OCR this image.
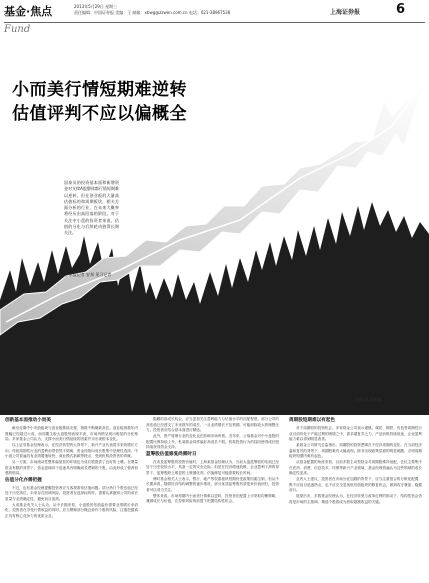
基金·焦点	2013年5月29日 星期三
责任编辑：中国证券报 美编：王 邮箱：xbwg@zzwen.com.cn 电话：021-38967538	上海证券报	6
Fund
小而美行情短期难逆转
估值评判不应以偏概全
国泰员的投资基本面和新增资金对支撑A股整体都行情短期难以逆转。但在创业板的大量高估值标的和周期板块，相关方面分析的行业，在未来大概率将经历由高回落的阶段。对于关注中小盘的投资者来说，估值的分化与后续轮动值得长期关注。
○ 本报记者 安邦 见习记者
资料 图 胡荣敏
创新基本面推动小而美
截至近期中小市值板块与创业板继续走强，指数不断刷新高位。创业板指数年内涨幅已经超过六成，而同期主板大盘股则表现平淡，市场风格呈现出明显的分化格局。多家基金公司认为，支撑小而美行情延续的因素并未出现根本变化。
以上证券基金经理表示，在经济转型的大背景下，新兴产业代表着未来的增长方向，传统周期性行业的盈利前景依然不明朗，资金持续向成长股集中是理性选择。中小创公司普遍具有业绩增速较快、商业模式新颖等特点，受到机构投资者的青睐。
另一方面，市场流动性整体偏宽松的环境也为成长股提供了良好的土壤。在增量资金有限的背景下，资金更倾向于追逐具有明确成长逻辑的个股，由此形成了强者恒强的格局。
估值分化亦需把握
不过，也有基金经理提醒投资者应当客观看待估值问题。部分热门个股估值已经处于历史高位，未来存在回调风险。投资者在选择标的时，需要认真甄别公司的成长质量与业绩确定性，避免盲目追高。
大成基金有关人士认为，从中长期来看，小盘股的估值溢价需要业绩增长来消化，投资者在享受行情收益的同时，应当警惕部分概念炒作个股的风险，注重挖掘真正具有核心竞争力的优质企业。
隐藏的高成长机会，应当更加关注盈利能力与估值水平的匹配程度。部分公司的高估值已经透支了未来数年的成长，一旦业绩增长不及预期，可能面临较大的调整压力。投资者应结合基本面进行精选。
此外，资产管理行业的变化也在影响市场风格。近年来，公募基金对中小盘股的配置比例持续上升，私募基金同样偏好高成长个股。机构投资行为的趋同使得成长股持续获得资金支持。
蓝筹股估值修复尚需时日
在谈及蓝筹股的投资价值时，上海某基金经理认为，当前大盘蓝筹股的估值已经处于历史较低水平，具备一定的安全边际。但是在经济增速放缓、企业盈利下滑的背景下，蓝筹股缺乏明显的上涨催化剂，估值修复可能需要较长时间。
博时基金相关人士表示，银行、地产等权重板块短期仍受政策因素压制，但从中长期来看，随着经济结构调整的逐步推进，部分优质蓝筹股有望迎来价值回归，投资者可以适当关注。
整体来看，市场短期内小而美行情难以逆转，投资者在配置上可采取均衡策略，兼顾成长与价值，在控制风险的前提下把握结构性机会。
周期股短期难以有起色
对于周期股的投资机会，多家基金公司表示谨慎。煤炭、钢铁、有色等周期性行业目前仍处于产能过剩的困境之中，需求端复苏乏力，产品价格持续低迷，企业盈利能力难以得到明显改善。
某基金公司研究总监指出，周期股的投资逻辑在于经济周期的变化，在当前经济温和复苏的背景下，周期股难有大幅表现。除非出现政策层面的明显刺激，否则周期板块短期内难有起色。
从基金配置的角度来看，目前多数主动型基金对周期股维持低配，仓位主要集中在医药、消费、信息技术、环保等新兴产业领域，基金经理普遍认为这些领域的成长确定性更高。
业内人士建议，投资者在市场分化加剧的背景下，应当注重组合的分散化配置，既不应盲目追逐热点，也不应完全忽视低估值板块的修复机会，做到攻守兼备、稳健前行。
展望后市，多数基金经理认为，在经济转型与改革红利的推动下，结构性机会仍将是市场的主基调，精选个股将成为获取超额收益的关键。
